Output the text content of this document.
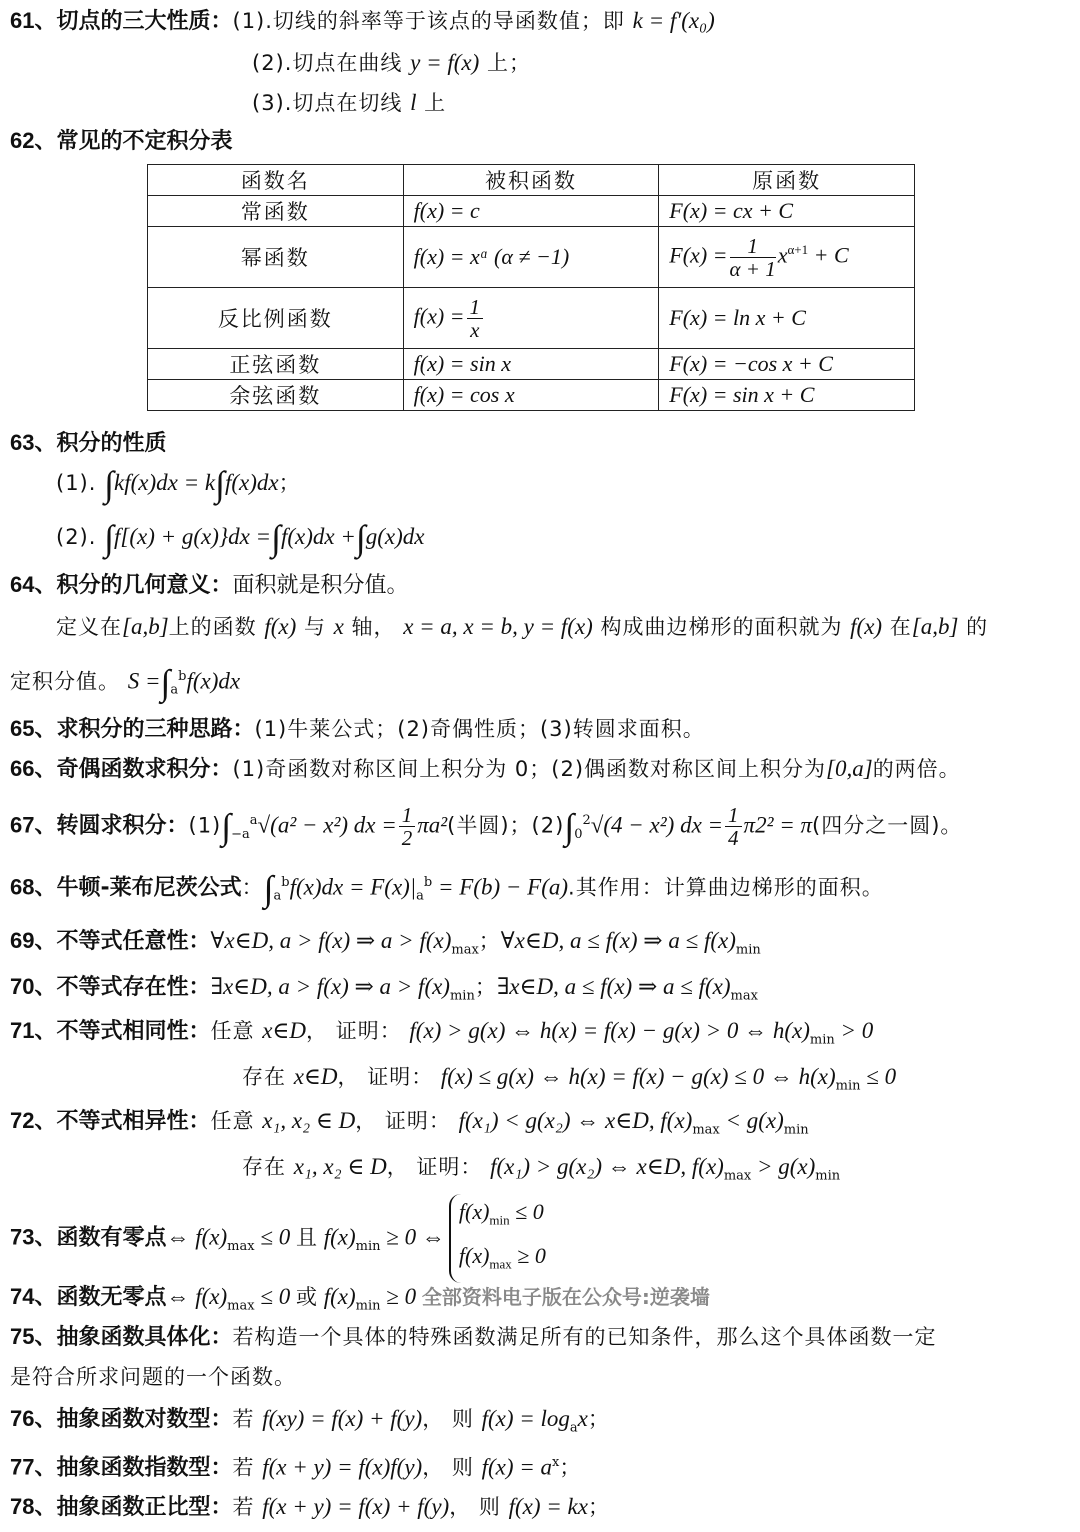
61、切点的三大性质：(1).切线的斜率等于该点的导函数值；即 k = f′(x₀)
(2).切点在曲线 y = f(x) 上；
(3).切点在切线 l 上
62、常见的不定积分表
函数名	被积函数	原函数
常函数	f(x) = c	F(x) = cx + C
幂函数	f(x) = xᵅ (α ≠ −1)	$F(x) = \frac{1}{\alpha + 1} x^{\alpha+1} + C$
反比例函数	$f(x) = \frac{1}{x}$	F(x) = ln x + C
正弦函数	f(x) = sin x	F(x) = −cos x + C
余弦函数	f(x) = cos x	F(x) = sin x + C
63、积分的性质
(1). ∫kf(x)dx = k∫f(x)dx；
(2). ∫f[(x) + g(x)}dx =∫f(x)dx +∫g(x)dx
64、积分的几何意义：面积就是积分值。
定义在[a,b]上的函数 f(x) 与 x 轴， x = a, x = b, y = f(x) 构成曲边梯形的面积就为 f(x) 在[a,b] 的
定积分值。 $S =\int_a^bf(x)dx$
65、求积分的三种思路：(1)牛莱公式；(2)奇偶性质；(3)转圆求面积。
66、奇偶函数求积分：(1)奇函数对称区间上积分为 0；(2)偶函数对称区间上积分为[0,a]的两倍。
67、转圆求积分：$(1)\int_{-a}^a√(a^2 - x^2)$ dx = $\frac{1}{2} \pi a^2$(半圆)；$(2)\int_0^2√(4 - x^2)$ dx = $\frac{1}{4} \pi 2^2 = \pi$(四分之一圆)。
68、牛顿-莱布尼茨公式：$\int_a^bf(x)dx = F(x)|_a^b = F(b) - F(a)$.其作用：计算曲边梯形的面积。
69、不等式任意性：∀x∈D, a > f(x) ⇒ $a > f(x)_{max}$；∀x∈D, a ≤ f(x) ⇒ $a \le f(x)_{min}$
70、不等式存在性：∃x∈D, a > f(x) ⇒ $a > f(x)_{min}$；∃x∈D, a ≤ f(x) ⇒ $a \le f(x)_{max}$
71、不等式相同性：任意 x∈D， 证明： f(x) > g(x) ⇔ h(x) = f(x) − g(x) > 0 ⇔ $h(x)_{min} > 0$
存在 x∈D， 证明： f(x) ≤ g(x) ⇔ h(x) = f(x) − g(x) ≤ 0 ⇔ $h(x)_{min} \le 0$
72、不等式相异性：任意 x₁, x₂ ∈ D， 证明： f(x₁) < g(x₂) ⇔ x∈D, $f(x)_{max} < g(x)_{min}$
存在 x₁, x₂ ∈ D， 证明： f(x₁) > g(x₂) ⇔ x∈D, $f(x)_{max} > g(x)_{min}$
73、函数有零点⇔ $f(x)_{max} \le 0$ 且 $f(x)_{min} \ge 0$ ⇔
$f(x)_{min} \le 0$
$f(x)_{max} \ge 0$
74、函数无零点⇔ $f(x)_{max} \le 0$ 或 $f(x)_{min} \ge 0$ 全部资料电子版在公众号:逆袭墙
75、抽象函数具体化：若构造一个具体的特殊函数满足所有的已知条件，那么这个具体函数一定
是符合所求问题的一个函数。
76、抽象函数对数型：若 f(xy) = f(x) + f(y)， 则 $f(x) = \log_ax$；
77、抽象函数指数型：若 f(x + y) = f(x)f(y)， 则 $f(x) = a^x$；
78、抽象函数正比型：若 f(x + y) = f(x) + f(y)， 则 f(x) = kx；
